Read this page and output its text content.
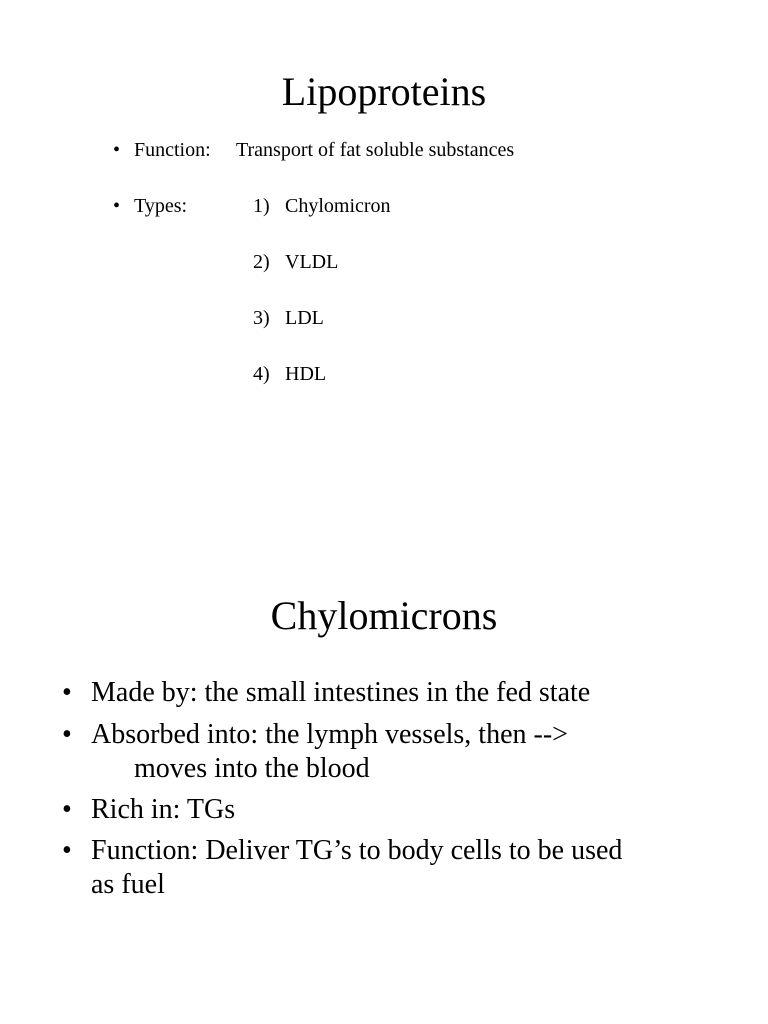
Lipoproteins
• Function: Transport of fat soluble substances
• Types:	1) Chylomicron
2) VLDL
3) LDL
4) HDL
Chylomicrons
• Made by: the small intestines in the fed state
• Absorbed into: the lymph vessels, then -->
moves into the blood
• Rich in: TGs
• Function: Deliver TG’s to body cells to be used
as fuel
